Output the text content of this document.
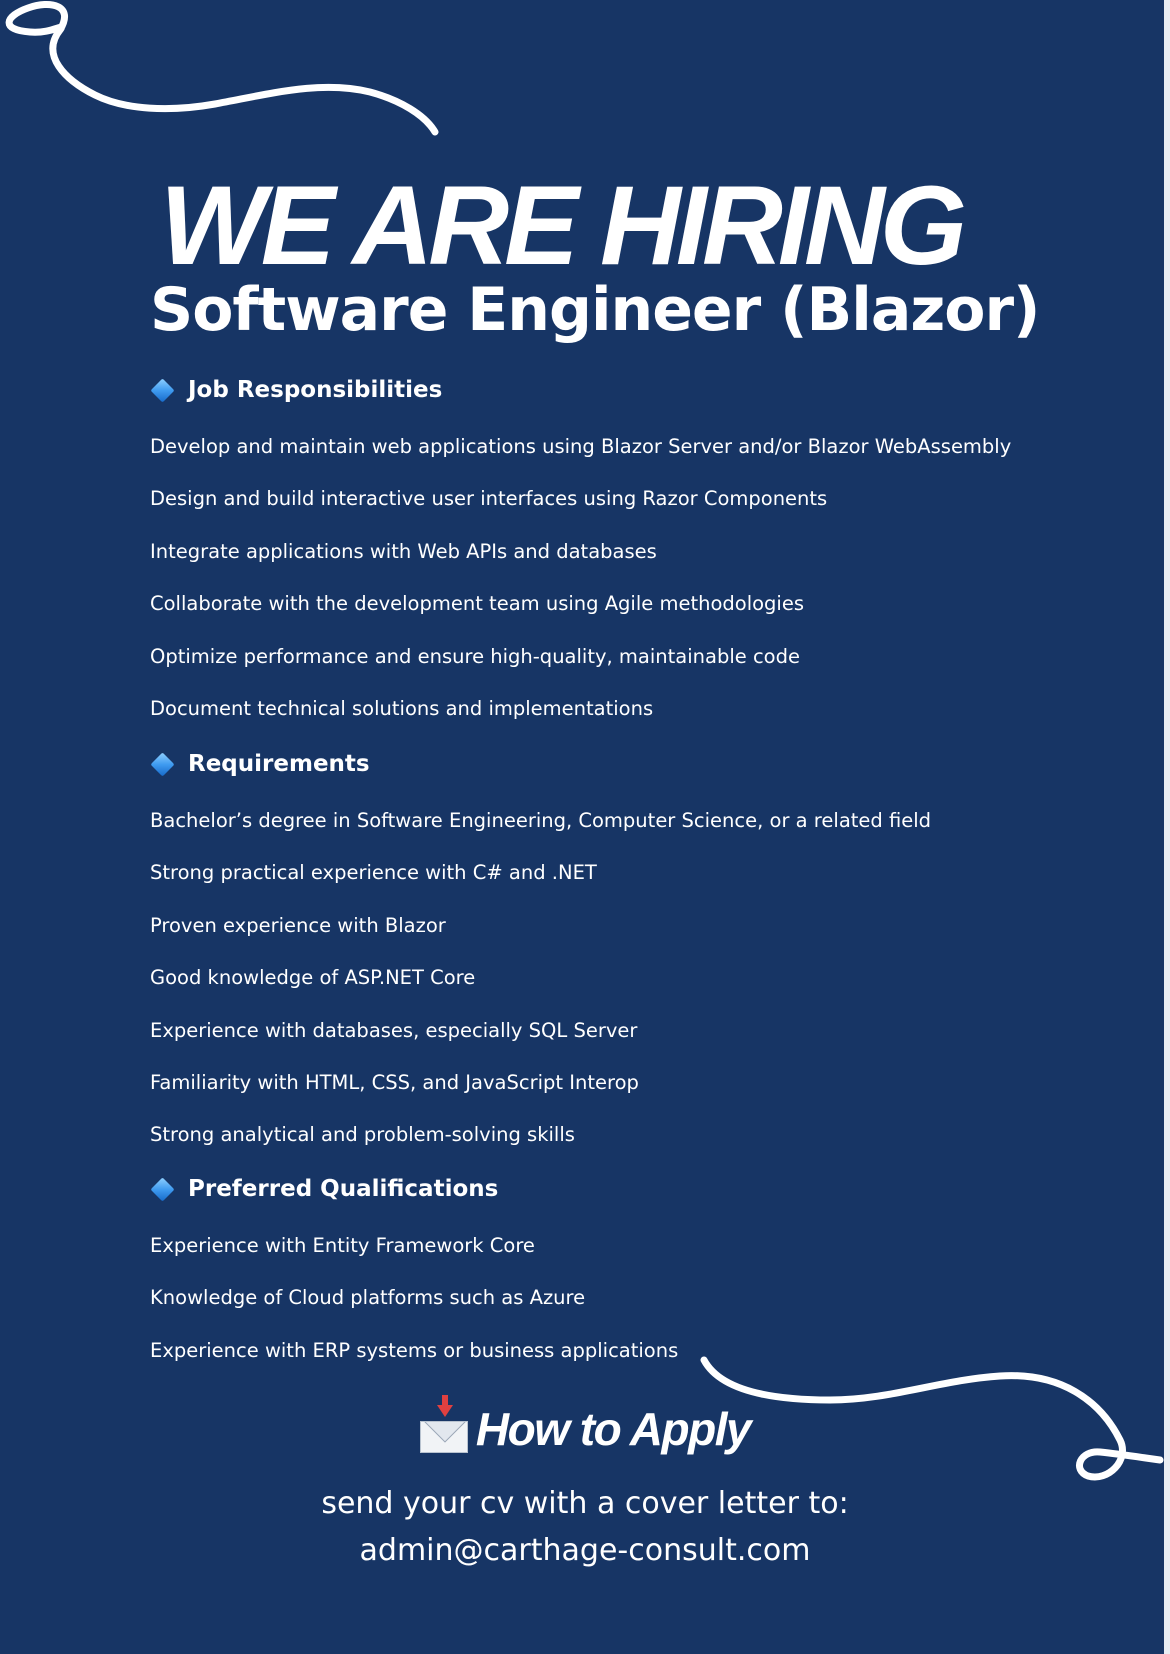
WE ARE HIRING
Software Engineer (Blazor)
Job Responsibilities
Develop and maintain web applications using Blazor Server and/or Blazor WebAssembly
Design and build interactive user interfaces using Razor Components
Integrate applications with Web APIs and databases
Collaborate with the development team using Agile methodologies
Optimize performance and ensure high-quality, maintainable code
Document technical solutions and implementations
Requirements
Bachelor’s degree in Software Engineering, Computer Science, or a related field
Strong practical experience with C# and .NET
Proven experience with Blazor
Good knowledge of ASP.NET Core
Experience with databases, especially SQL Server
Familiarity with HTML, CSS, and JavaScript Interop
Strong analytical and problem-solving skills
Preferred Qualifications
Experience with Entity Framework Core
Knowledge of Cloud platforms such as Azure
Experience with ERP systems or business applications
How to Apply
send your cv with a cover letter to:
admin@carthage-consult.com
